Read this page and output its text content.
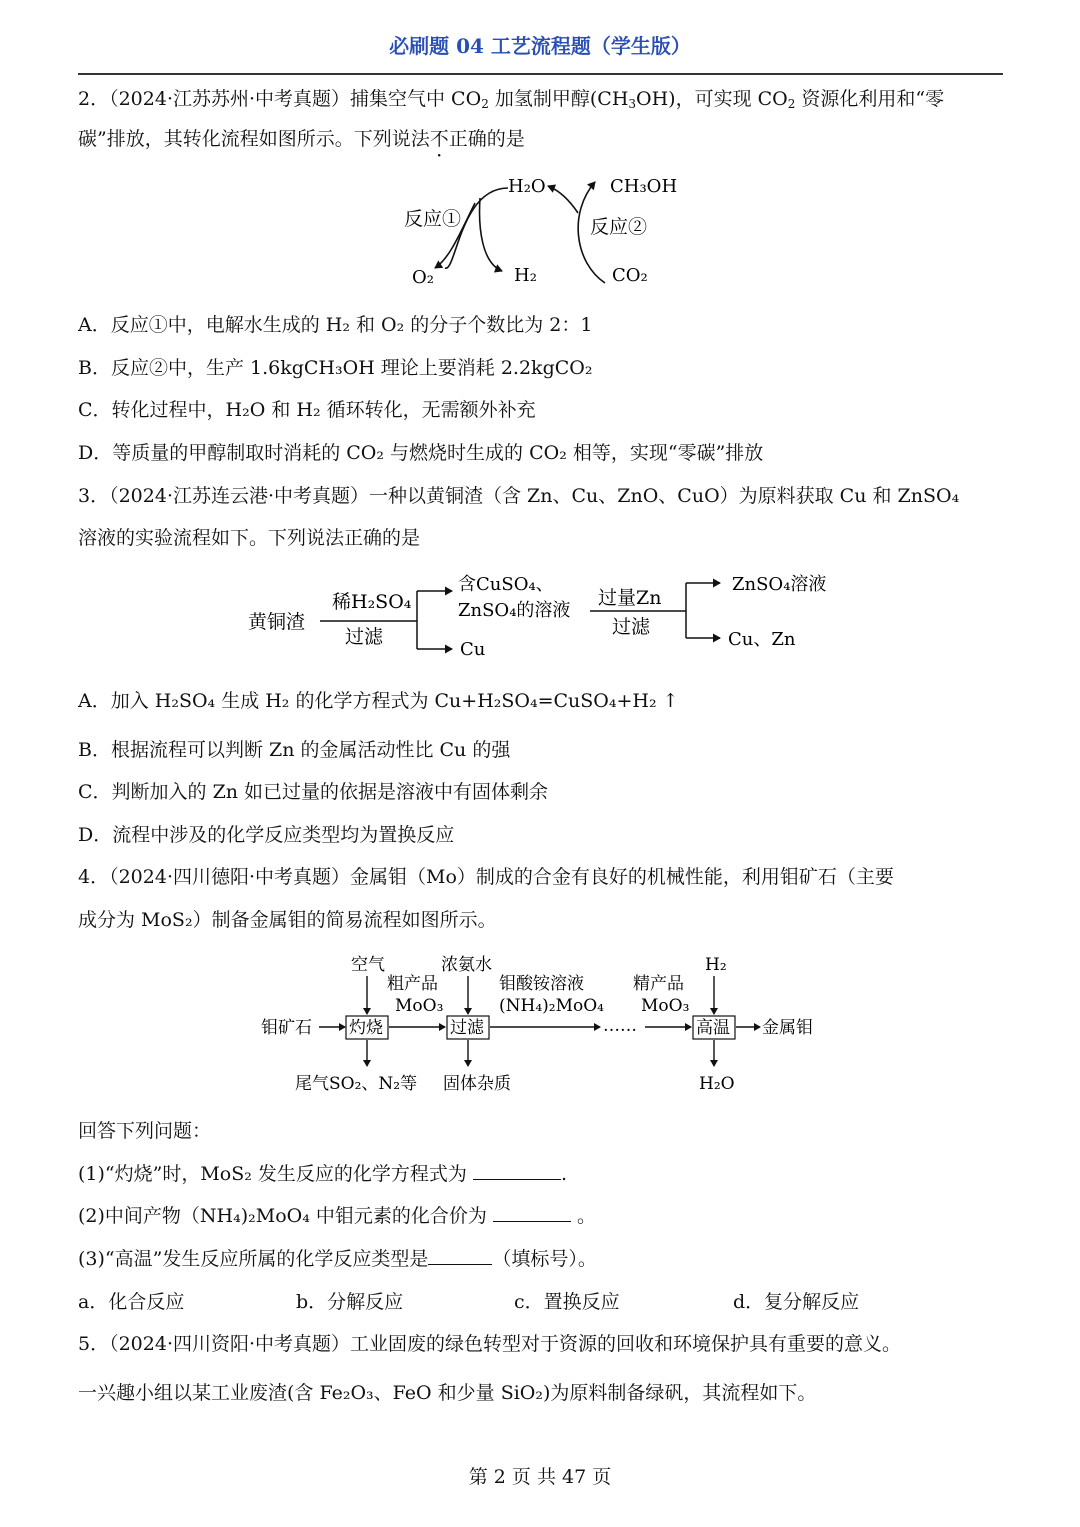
必刷题 04 工艺流程题（学生版）
2．（2024·江苏苏州·中考真题）捕集空气中 $CO_2$ 加氢制甲醇$(CH_3OH)$，可实现 $CO_2$ 资源化利用和“零
碳”排放，其转化流程如图所示。下列说法不正确的是
H₂O	CH₃OH
反应①	反应②
O₂	H₂	CO₂
A．反应①中，电解水生成的 H₂ 和 O₂ 的分子个数比为 2：1
B．反应②中，生产 1.6kgCH₃OH 理论上要消耗 2.2kgCO₂
C．转化过程中，H₂O 和 H₂ 循环转化，无需额外补充
D．等质量的甲醇制取时消耗的 CO₂ 与燃烧时生成的 CO₂ 相等，实现“零碳”排放
3．（2024·江苏连云港·中考真题）一种以黄铜渣（含 Zn、Cu、ZnO、CuO）为原料获取 Cu 和 ZnSO₄
溶液的实验流程如下。下列说法正确的是
黄铜渣
稀H₂SO₄
过滤
含CuSO₄、
ZnSO₄的溶液
Cu
过量Zn
过滤
ZnSO₄溶液
Cu、Zn
A．加入 H₂SO₄ 生成 H₂ 的化学方程式为 Cu+H₂SO₄=CuSO₄+H₂ ↑
B．根据流程可以判断 Zn 的金属活动性比 Cu 的强
C．判断加入的 Zn 如已过量的依据是溶液中有固体剩余
D．流程中涉及的化学反应类型均为置换反应
4．（2024·四川德阳·中考真题）金属钼（Mo）制成的合金有良好的机械性能，利用钼矿石（主要
成分为 MoS₂）制备金属钼的简易流程如图所示。
钼矿石 灼烧
空气
尾气SO₂、N₂等
粗产品
MoO₃
过滤
浓氨水
固体杂质
钼酸铵溶液
(NH₄)₂MoO₄
……
精产品
MoO₃
高温
H₂
H₂O
金属钼
回答下列问题：
(1)“灼烧”时，MoS₂ 发生反应的化学方程式为	.
(2)中间产物（NH₄)₂MoO₄ 中钼元素的化合价为	。
(3)“高温”发生反应所属的化学反应类型是	（填标号）。
a．化合反应	b．分解反应	c．置换反应	d．复分解反应
5．（2024·四川资阳·中考真题）工业固废的绿色转型对于资源的回收和环境保护具有重要的意义。
一兴趣小组以某工业废渣(含 Fe₂O₃、FeO 和少量 SiO₂)为原料制备绿矾，其流程如下。
第 2 页 共 47 页
